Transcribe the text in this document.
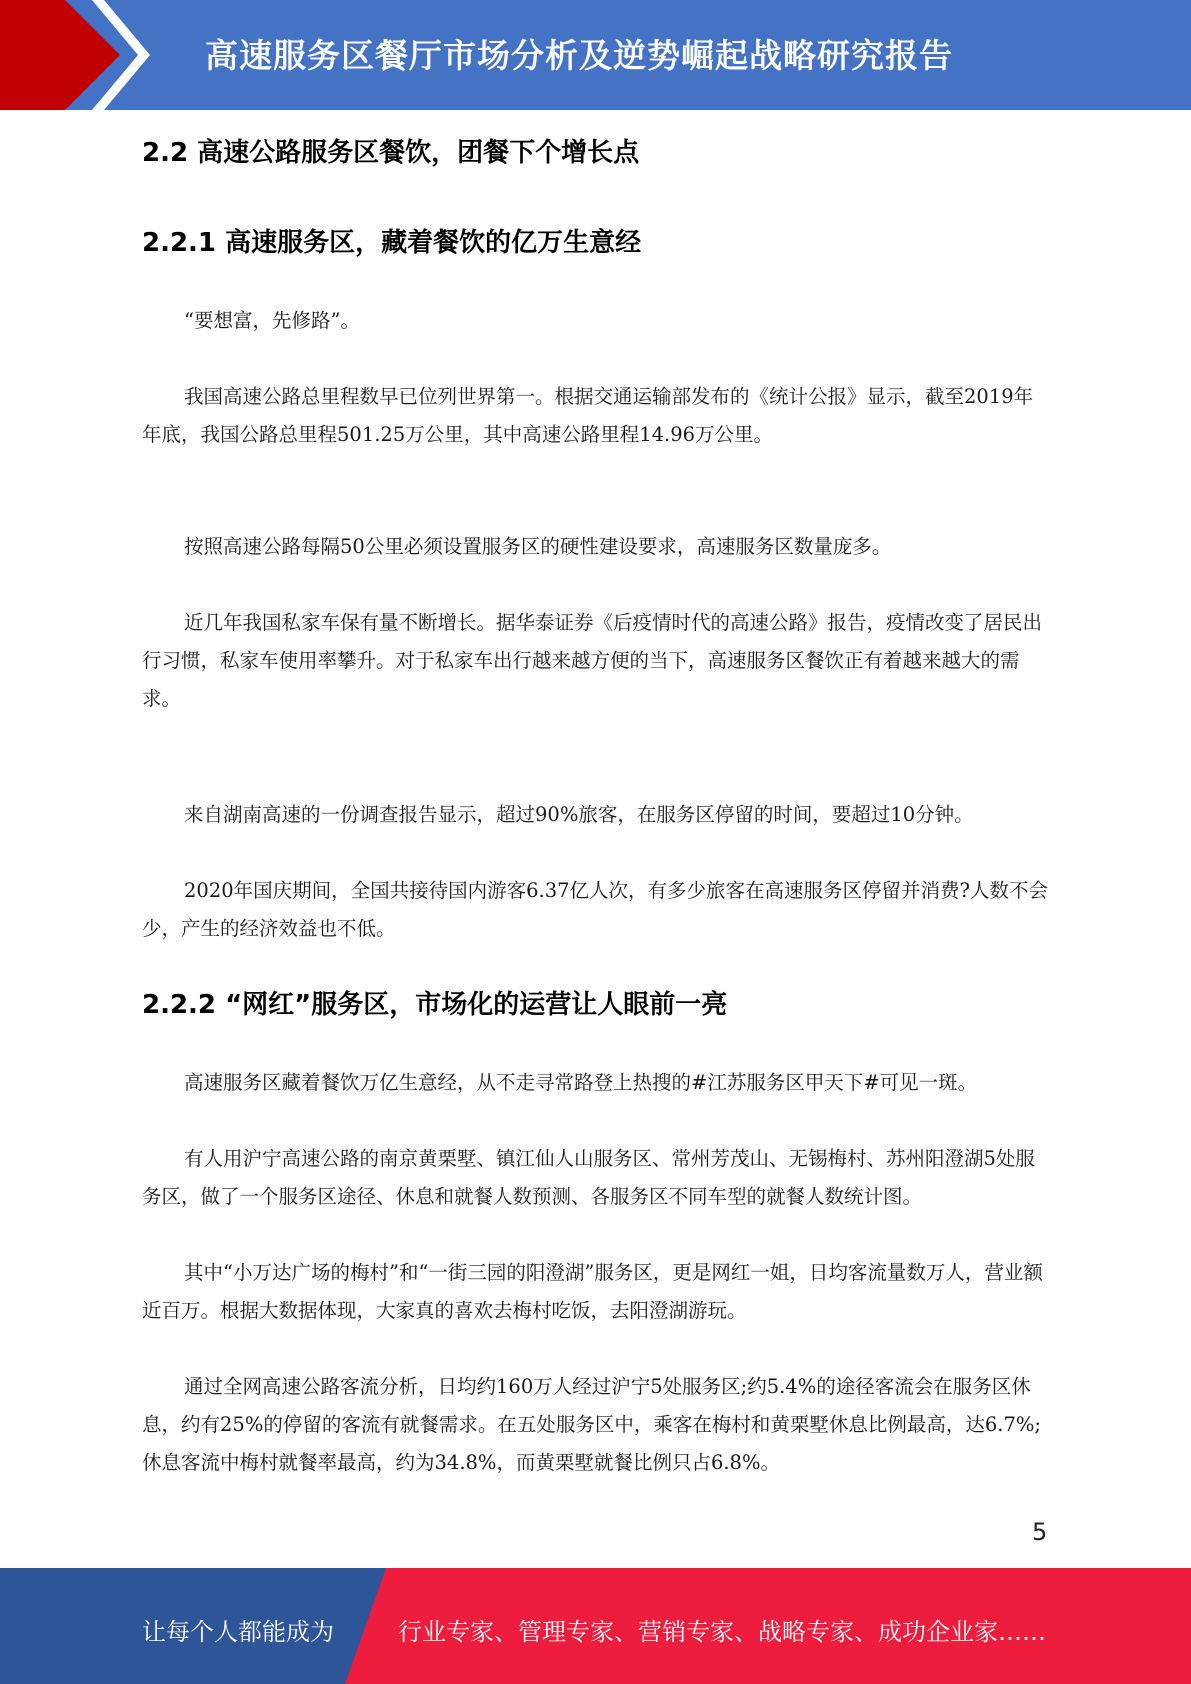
高速服务区餐厅市场分析及逆势崛起战略研究报告
2.2 高速公路服务区餐饮，团餐下个增长点
2.2.1 高速服务区，藏着餐饮的亿万生意经

“要想富，先修路”。

我国高速公路总里程数早已位列世界第一。根据交通运输部发布的《统计公报》显示，截至2019年年底，我国公路总里程501.25万公里，其中高速公路里程14.96万公里。

按照高速公路每隔50公里必须设置服务区的硬性建设要求，高速服务区数量庞多。

近几年我国私家车保有量不断增长。据华泰证券《后疫情时代的高速公路》报告，疫情改变了居民出行习惯，私家车使用率攀升。对于私家车出行越来越方便的当下，高速服务区餐饮正有着越来越大的需求。

来自湖南高速的一份调查报告显示，超过90%旅客，在服务区停留的时间，要超过10分钟。

2020年国庆期间，全国共接待国内游客6.37亿人次，有多少旅客在高速服务区停留并消费?人数不会少，产生的经济效益也不低。

2.2.2 “网红”服务区，市场化的运营让人眼前一亮

高速服务区藏着餐饮万亿生意经，从不走寻常路登上热搜的#江苏服务区甲天下#可见一斑。

有人用沪宁高速公路的南京黄栗墅、镇江仙人山服务区、常州芳茂山、无锡梅村、苏州阳澄湖5处服务区，做了一个服务区途径、休息和就餐人数预测、各服务区不同车型的就餐人数统计图。

其中“小万达广场的梅村”和“一街三园的阳澄湖”服务区，更是网红一姐，日均客流量数万人，营业额近百万。根据大数据体现，大家真的喜欢去梅村吃饭，去阳澄湖游玩。

通过全网高速公路客流分析，日均约160万人经过沪宁5处服务区;约5.4%的途径客流会在服务区休息，约有25%的停留的客流有就餐需求。在五处服务区中，乘客在梅村和黄栗墅休息比例最高，达6.7%;休息客流中梅村就餐率最高，约为34.8%，而黄栗墅就餐比例只占6.8%。

5
让每个人都能成为	行业专家、管理专家、营销专家、战略专家、成功企业家……
